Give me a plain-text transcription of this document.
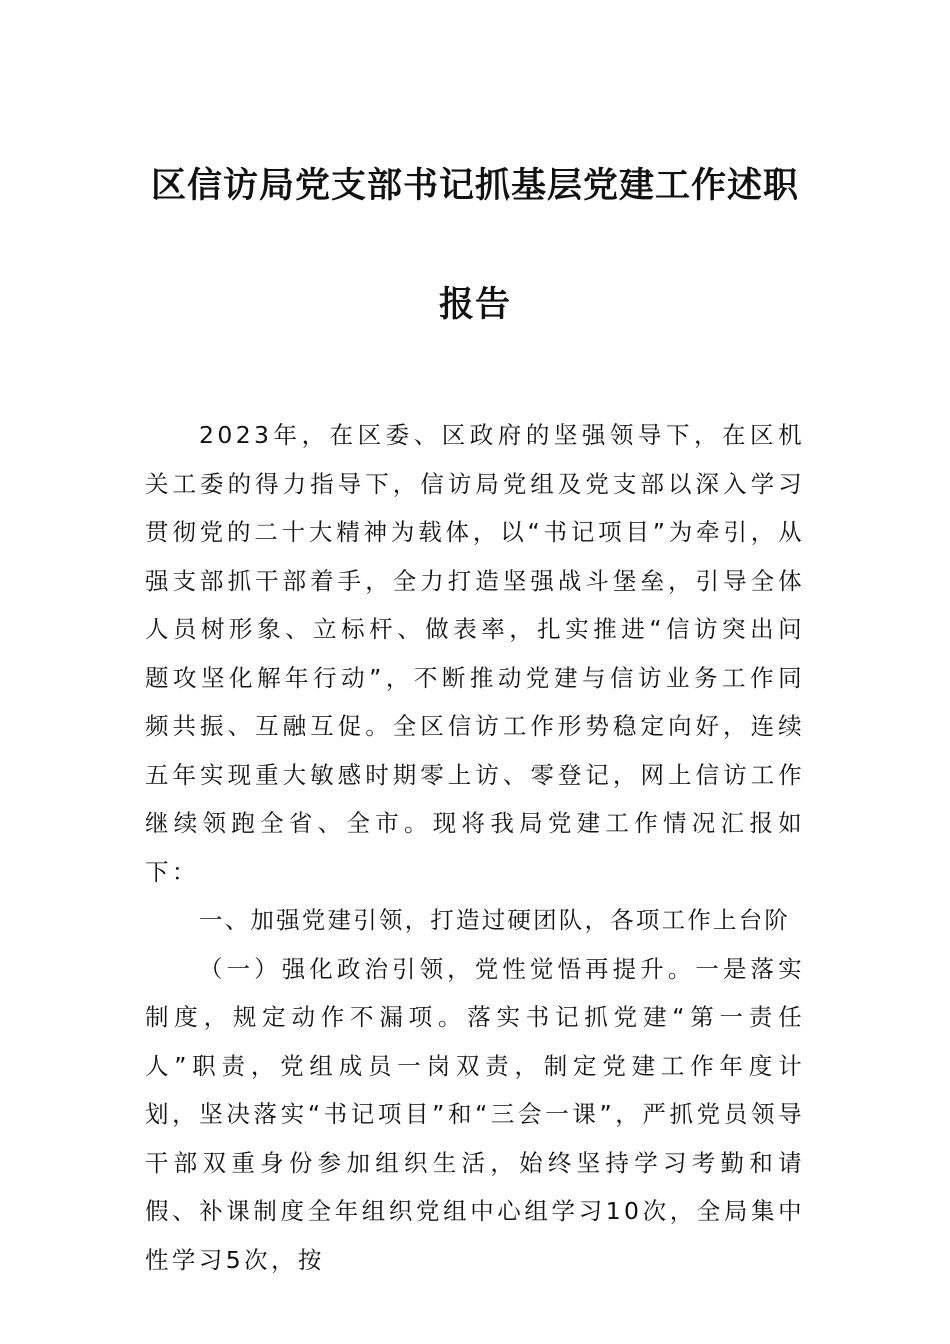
区信访局党支部书记抓基层党建工作述职
报告

2023年，在区委、区政府的坚强领导下，在区机关工委的得力指导下，信访局党组及党支部以深入学习贯彻党的二十大精神为载体，以“书记项目”为牵引，从强支部抓干部着手，全力打造坚强战斗堡垒，引导全体人员树形象、立标杆、做表率，扎实推进“信访突出问题攻坚化解年行动”，不断推动党建与信访业务工作同频共振、互融互促。全区信访工作形势稳定向好，连续五年实现重大敏感时期零上访、零登记，网上信访工作继续领跑全省、全市。现将我局党建工作情况汇报如下：

一、加强党建引领，打造过硬团队，各项工作上台阶

（一）强化政治引领，党性觉悟再提升。一是落实制度，规定动作不漏项。落实书记抓党建“第一责任人”职责，党组成员一岗双责，制定党建工作年度计划，坚决落实“书记项目”和“三会一课”，严抓党员领导干部双重身份参加组织生活，始终坚持学习考勤和请假、补课制度全年组织党组中心组学习10次，全局集中性学习5次，按
